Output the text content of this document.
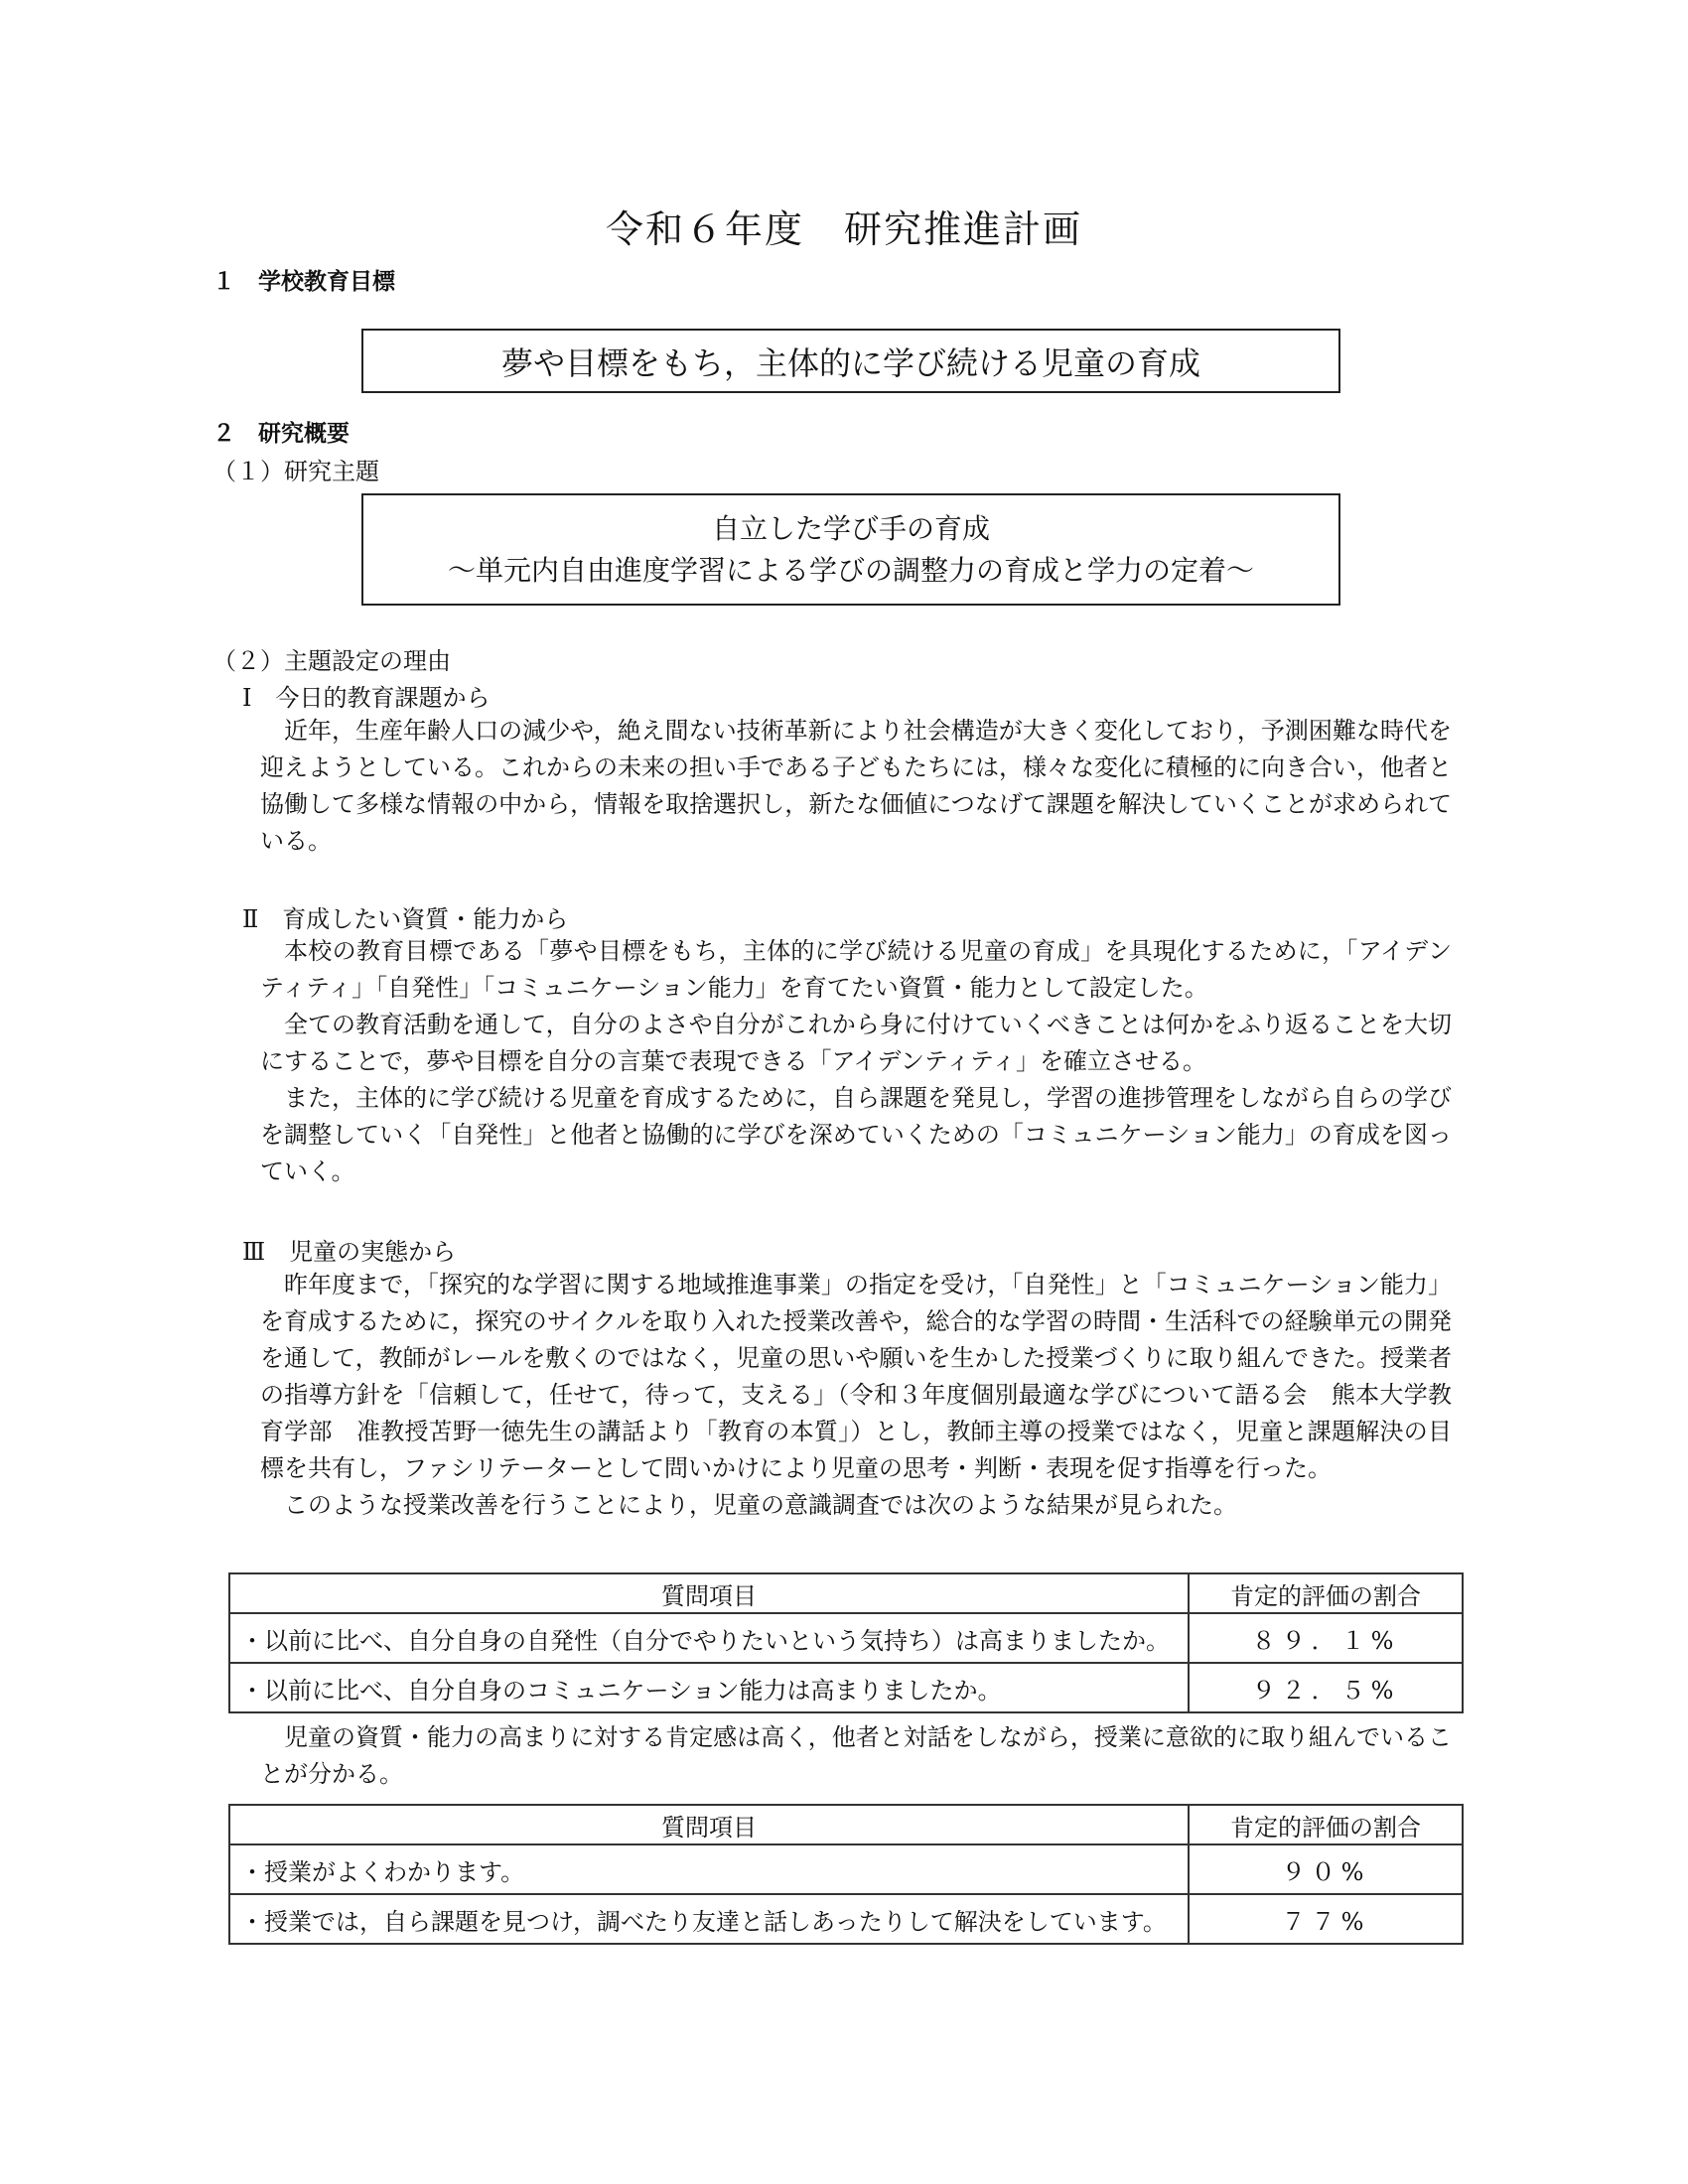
令和６年度　研究推進計画
１　学校教育目標
夢や目標をもち，主体的に学び続ける児童の育成
２　研究概要
（１）研究主題
自立した学び手の育成
～単元内自由進度学習による学びの調整力の育成と学力の定着～
（２）主題設定の理由
Ⅰ　今日的教育課題から

近年，生産年齢人口の減少や，絶え間ない技術革新により社会構造が大きく変化しており，予測困難な時代を迎えようとしている。これからの未来の担い手である子どもたちには，様々な変化に積極的に向き合い，他者と協働して多様な情報の中から，情報を取捨選択し，新たな価値につなげて課題を解決していくことが求められている。

Ⅱ　育成したい資質・能力から

本校の教育目標である「夢や目標をもち，主体的に学び続ける児童の育成」を具現化するために，「アイデンティティ」「自発性」「コミュニケーション能力」を育てたい資質・能力として設定した。

全ての教育活動を通して，自分のよさや自分がこれから身に付けていくべきことは何かをふり返ることを大切にすることで，夢や目標を自分の言葉で表現できる「アイデンティティ」を確立させる。

また，主体的に学び続ける児童を育成するために，自ら課題を発見し，学習の進捗管理をしながら自らの学びを調整していく「自発性」と他者と協働的に学びを深めていくための「コミュニケーション能力」の育成を図っていく。

Ⅲ　児童の実態から

昨年度まで，「探究的な学習に関する地域推進事業」の指定を受け，「自発性」と「コミュニケーション能力」を育成するために，探究のサイクルを取り入れた授業改善や，総合的な学習の時間・生活科での経験単元の開発を通して，教師がレールを敷くのではなく，児童の思いや願いを生かした授業づくりに取り組んできた。授業者の指導方針を「信頼して，任せて，待って，支える」（令和３年度個別最適な学びについて語る会　熊本大学教育学部　准教授苫野一徳先生の講話より「教育の本質」）とし，教師主導の授業ではなく，児童と課題解決の目標を共有し，ファシリテーターとして問いかけにより児童の思考・判断・表現を促す指導を行った。

このような授業改善を行うことにより，児童の意識調査では次のような結果が見られた。

質問項目	肯定的評価の割合
・以前に比べ、自分自身の自発性（自分でやりたいという気持ち）は高まりましたか。	８９．１%
・以前に比べ、自分自身のコミュニケーション能力は高まりましたか。	９２．５%

児童の資質・能力の高まりに対する肯定感は高く，他者と対話をしながら，授業に意欲的に取り組んでいることが分かる。

質問項目	肯定的評価の割合
・授業がよくわかります。	９０%
・授業では，自ら課題を見つけ，調べたり友達と話しあったりして解決をしています。	７７%
